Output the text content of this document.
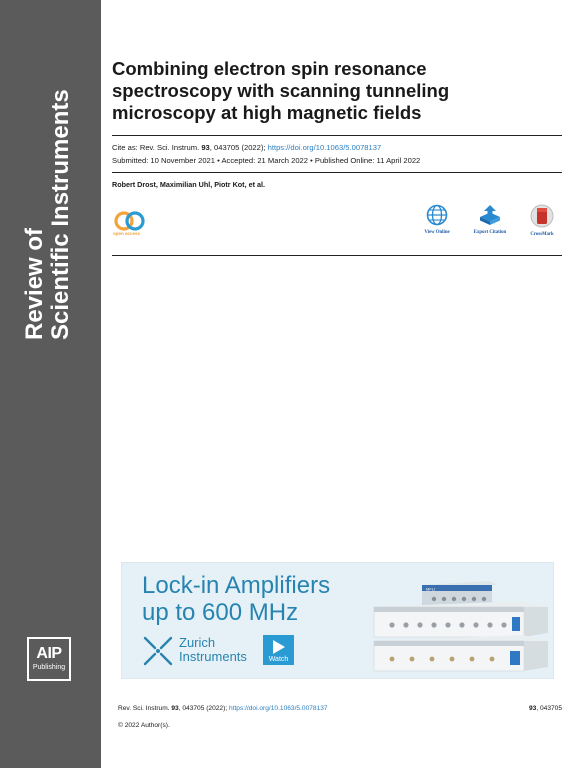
Review of Scientific Instruments
AIP
Publishing
Combining electron spin resonance spectroscopy with scanning tunneling microscopy at high magnetic fields
Cite as: Rev. Sci. Instrum. 93, 043705 (2022); https://doi.org/10.1063/5.0078137
Submitted: 10 November 2021 • Accepted: 21 March 2022 • Published Online: 11 April 2022
Robert Drost, Maximilian Uhl, Piotr Kot, et al.
open access	View Online	Export Citation	CrossMark
Lock-in Amplifiers
up to 600 MHz
Zurich
Instruments	Watch
MFLI
Rev. Sci. Instrum. 93, 043705 (2022); https://doi.org/10.1063/5.0078137	93, 043705
© 2022 Author(s).
